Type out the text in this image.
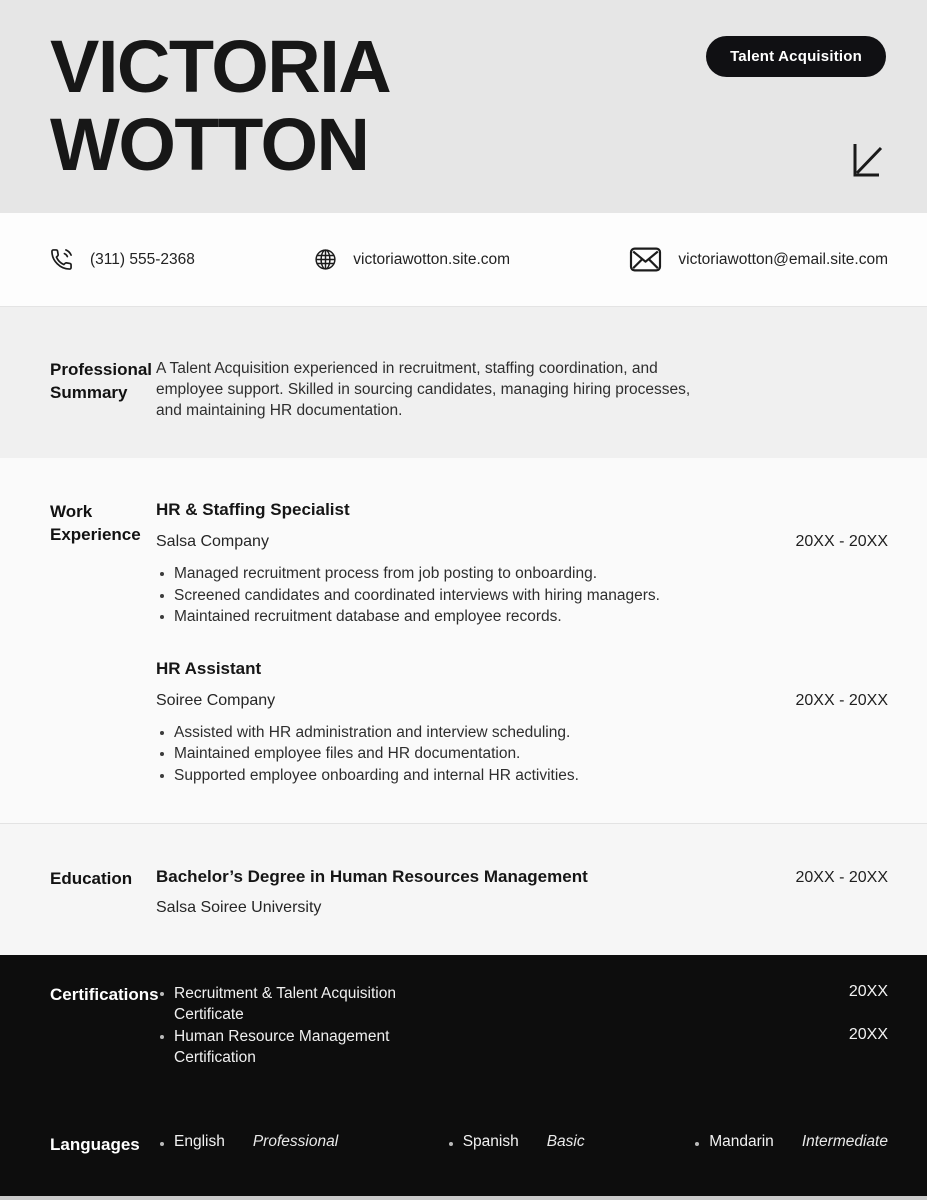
VICTORIA
WOTTON
Talent Acquisition
(311) 555-2368	victoriawotton.site.com	victoriawotton@email.site.com
Professional Summary

A Talent Acquisition experienced in recruitment, staffing coordination, and employee support. Skilled in sourcing candidates, managing hiring processes, and maintaining HR documentation.

Work Experience
HR & Staffing Specialist
Salsa Company	20XX - 20XX
Managed recruitment process from job posting to onboarding.
Screened candidates and coordinated interviews with hiring managers.
Maintained recruitment database and employee records.
HR Assistant
Soiree Company	20XX - 20XX
Assisted with HR administration and interview scheduling.
Maintained employee files and HR documentation.
Supported employee onboarding and internal HR activities.
Education	Bachelor’s Degree in Human Resources Management	20XX - 20XX
Salsa Soiree University
Certifications Recruitment & Talent Acquisition Certificate
20XX
Human Resource Management Certification
20XX
Languages	English Professional	Spanish Basic	Mandarin Intermediate
